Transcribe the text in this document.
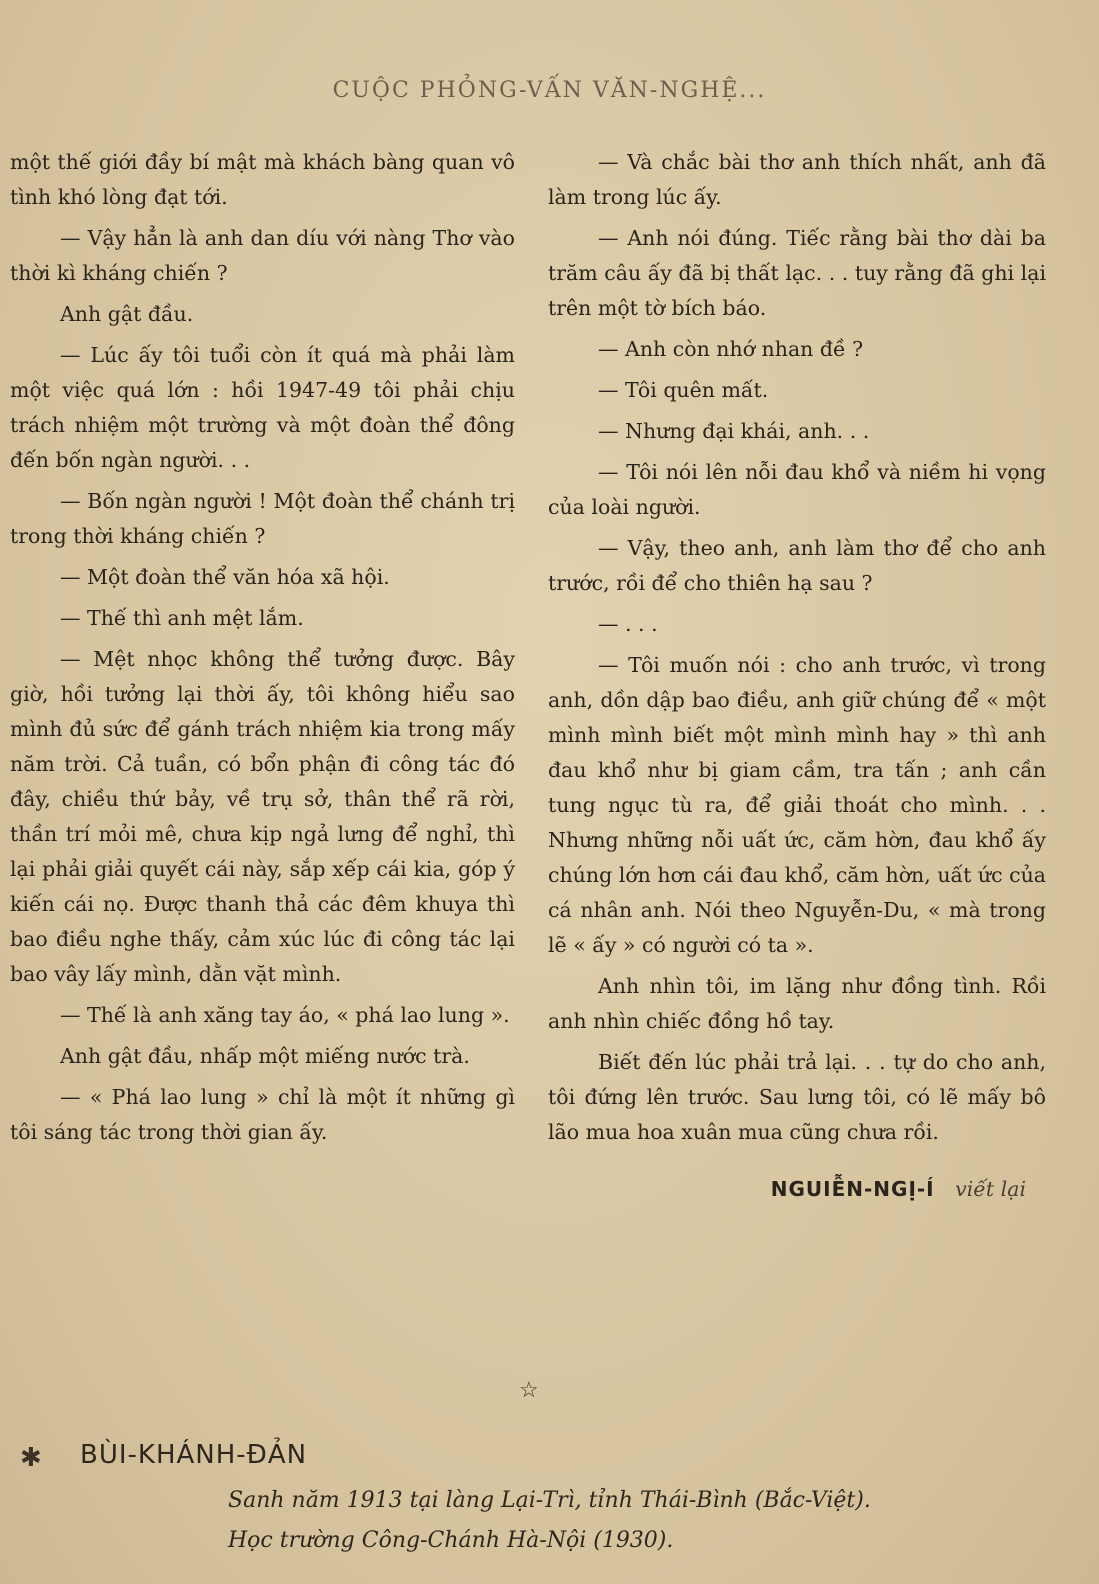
CUỘC PHỎNG-VẤN VĂN-NGHỆ...

một thế giới đầy bí mật mà khách bàng quan vô tình khó lòng đạt tới.

— Vậy hẳn là anh dan díu với nàng Thơ vào thời kì kháng chiến ?

Anh gật đầu.

— Lúc ấy tôi tuổi còn ít quá mà phải làm một việc quá lớn : hồi 1947-49 tôi phải chịu trách nhiệm một trường và một đoàn thể đông đến bốn ngàn người. . .

— Bốn ngàn người ! Một đoàn thể chánh trị trong thời kháng chiến ?

— Một đoàn thể văn hóa xã hội.

— Thế thì anh mệt lắm.

— Mệt nhọc không thể tưởng được. Bây giờ, hồi tưởng lại thời ấy, tôi không hiểu sao mình đủ sức để gánh trách nhiệm kia trong mấy năm trời. Cả tuần, có bổn phận đi công tác đó đây, chiều thứ bảy, về trụ sở, thân thể rã rời, thần trí mỏi mê, chưa kịp ngả lưng để nghỉ, thì lại phải giải quyết cái này, sắp xếp cái kia, góp ý kiến cái nọ. Được thanh thả các đêm khuya thì bao điều nghe thấy, cảm xúc lúc đi công tác lại bao vây lấy mình, dằn vặt mình.

— Thế là anh xăng tay áo, « phá lao lung ».

Anh gật đầu, nhấp một miếng nước trà.

— « Phá lao lung » chỉ là một ít những gì tôi sáng tác trong thời gian ấy.

— Và chắc bài thơ anh thích nhất, anh đã làm trong lúc ấy.

— Anh nói đúng. Tiếc rằng bài thơ dài ba trăm câu ấy đã bị thất lạc. . . tuy rằng đã ghi lại trên một tờ bích báo.

— Anh còn nhớ nhan đề ?

— Tôi quên mất.

— Nhưng đại khái, anh. . .

— Tôi nói lên nỗi đau khổ và niềm hi vọng của loài người.

— Vậy, theo anh, anh làm thơ để cho anh trước, rồi để cho thiên hạ sau ?

— . . .

— Tôi muốn nói : cho anh trước, vì trong anh, dồn dập bao điều, anh giữ chúng để « một mình mình biết một mình mình hay » thì anh đau khổ như bị giam cầm, tra tấn ; anh cần tung ngục tù ra, để giải thoát cho mình. . . Nhưng những nỗi uất ức, căm hờn, đau khổ ấy chúng lớn hơn cái đau khổ, căm hờn, uất ức của cá nhân anh. Nói theo Nguyễn-Du, « mà trong lẽ « ấy » có người có ta ».

Anh nhìn tôi, im lặng như đồng tình. Rồi anh nhìn chiếc đồng hồ tay.

Biết đến lúc phải trả lại. . . tự do cho anh, tôi đứng lên trước. Sau lưng tôi, có lẽ mấy bô lão mua hoa xuân mua cũng chưa rồi.

NGUIỄN-NGỊ-Í viết lại
☆
✱ BÙI-KHÁNH-ĐẢN
Sanh năm 1913 tại làng Lại-Trì, tỉnh Thái-Bình (Bắc-Việt).
Học trường Công-Chánh Hà-Nội (1930).
